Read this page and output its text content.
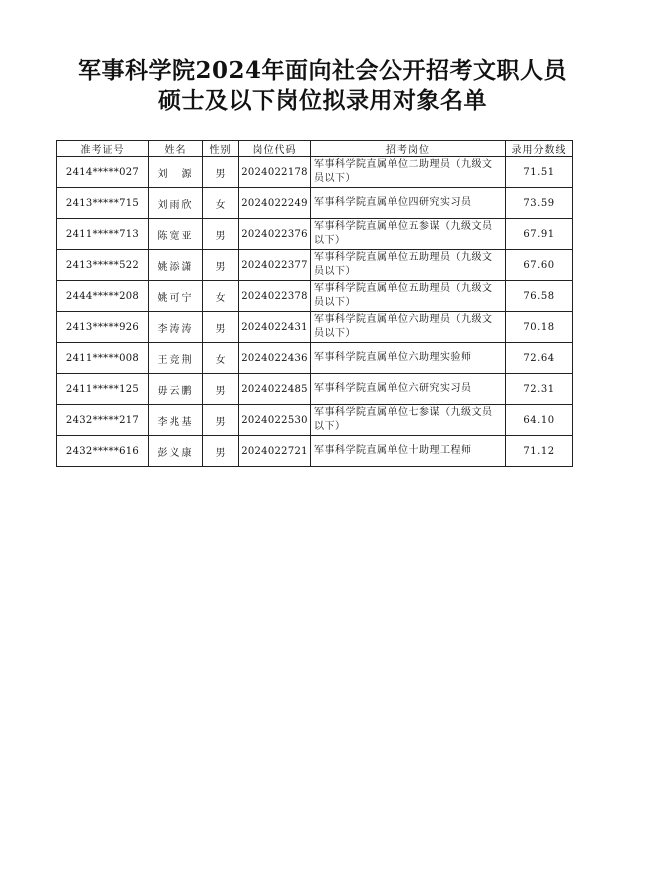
军事科学院2024年面向社会公开招考文职人员
硕士及以下岗位拟录用对象名单
准考证号	姓名	性别	岗位代码	招考岗位	录用分数线
2414*****027	刘　源	男	2024022178	军事科学院直属单位二助理员（九级文员以下）	71.51
2413*****715	刘雨欣	女	2024022249	军事科学院直属单位四研究实习员	73.59
2411*****713	陈宽亚	男	2024022376	军事科学院直属单位五参谋（九级文员以下）	67.91
2413*****522	姚添潇	男	2024022377	军事科学院直属单位五助理员（九级文员以下）	67.60
2444*****208	姚可宁	女	2024022378	军事科学院直属单位五助理员（九级文员以下）	76.58
2413*****926	李涛涛	男	2024022431	军事科学院直属单位六助理员（九级文员以下）	70.18
2411*****008	王竞荆	女	2024022436	军事科学院直属单位六助理实验师	72.64
2411*****125	毋云鹏	男	2024022485	军事科学院直属单位六研究实习员	72.31
2432*****217	李兆基	男	2024022530	军事科学院直属单位七参谋（九级文员以下）	64.10
2432*****616	彭义康	男	2024022721	军事科学院直属单位十助理工程师	71.12
